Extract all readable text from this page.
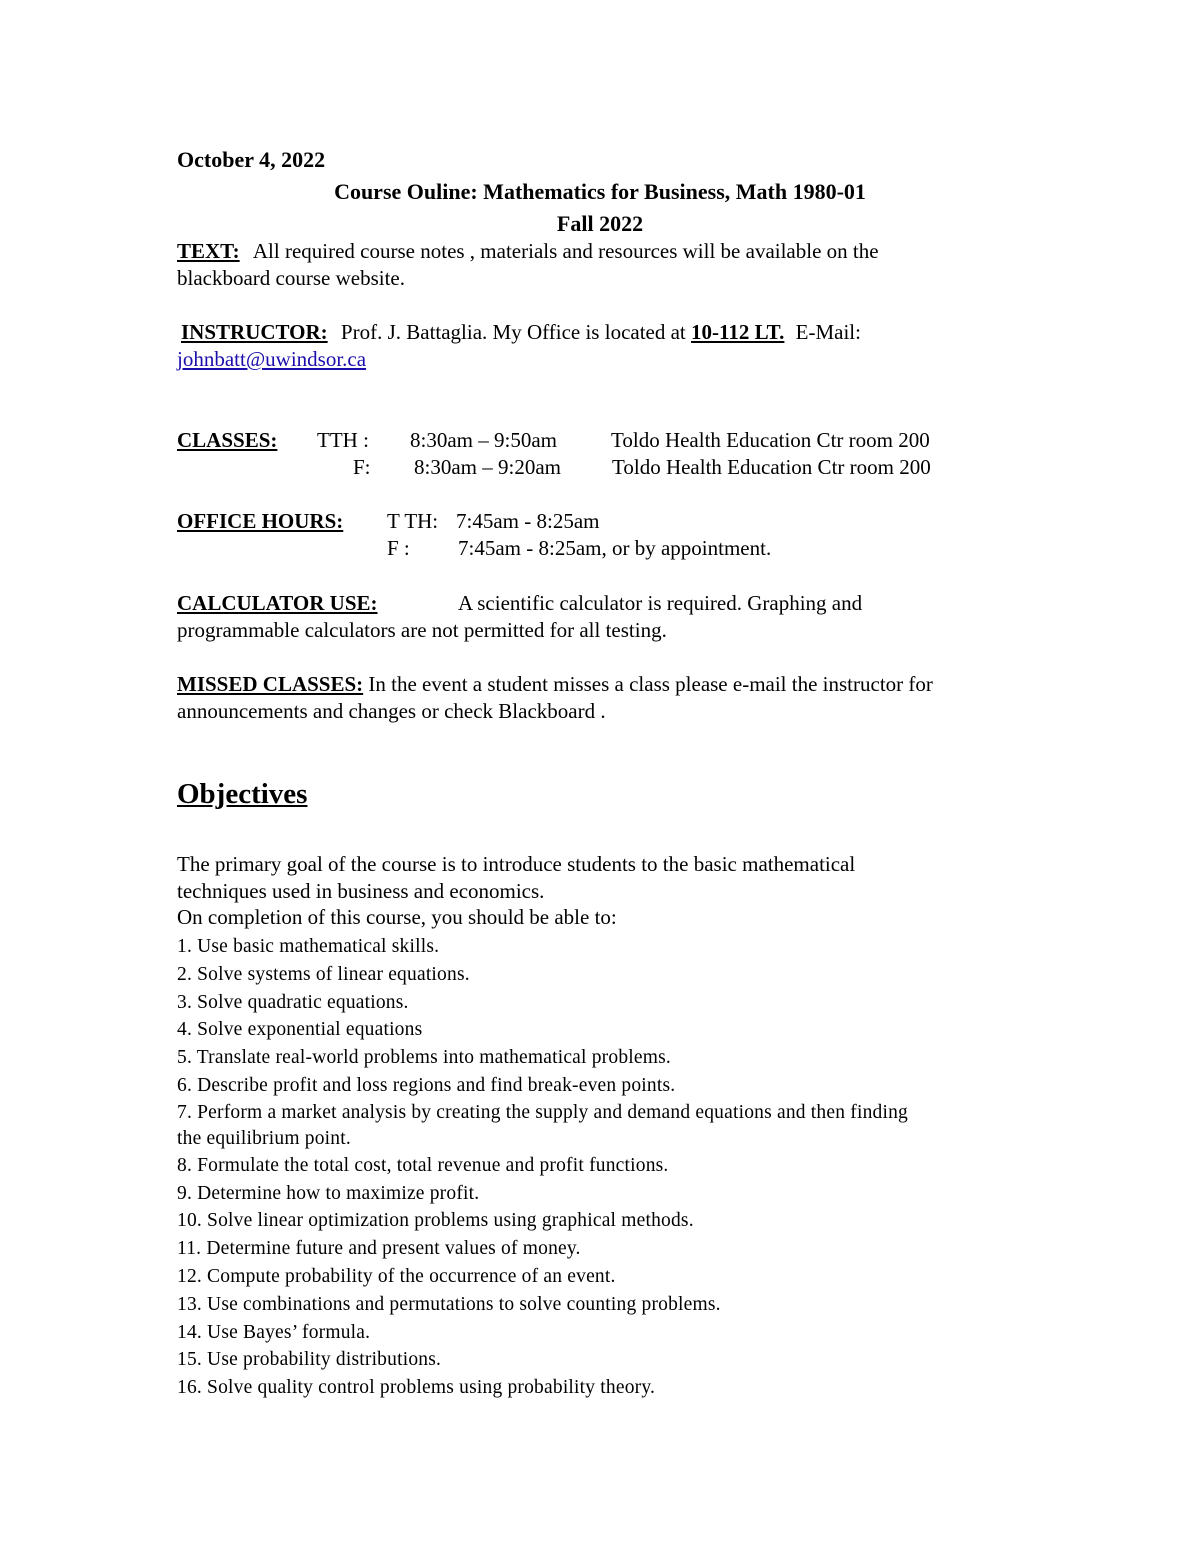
October 4, 2022
Course Ouline: Mathematics for Business, Math 1980-01
Fall 2022
TEXT: All required course notes , materials and resources will be available on the
blackboard course website.
INSTRUCTOR: Prof. J. Battaglia. My Office is located at 10-112 LT. E-Mail:
johnbatt@uwindsor.ca
CLASSES: TTH : 8:30am – 9:50am	Toldo Health Education Ctr room 200
F: 8:30am – 9:20am Toldo Health Education Ctr room 200
OFFICE HOURS: T TH: 7:45am - 8:25am
F : 7:45am - 8:25am, or by appointment.
CALCULATOR USE:	A scientific calculator is required. Graphing and
programmable calculators are not permitted for all testing.
MISSED CLASSES: In the event a student misses a class please e-mail the instructor for
announcements and changes or check Blackboard .
Objectives
The primary goal of the course is to introduce students to the basic mathematical
techniques used in business and economics.
On completion of this course, you should be able to:
1. Use basic mathematical skills.
2. Solve systems of linear equations.
3. Solve quadratic equations.
4. Solve exponential equations
5. Translate real-world problems into mathematical problems.
6. Describe profit and loss regions and find break-even points.
7. Perform a market analysis by creating the supply and demand equations and then finding
the equilibrium point.
8. Formulate the total cost, total revenue and profit functions.
9. Determine how to maximize profit.
10. Solve linear optimization problems using graphical methods.
11. Determine future and present values of money.
12. Compute probability of the occurrence of an event.
13. Use combinations and permutations to solve counting problems.
14. Use Bayes’ formula.
15. Use probability distributions.
16. Solve quality control problems using probability theory.
